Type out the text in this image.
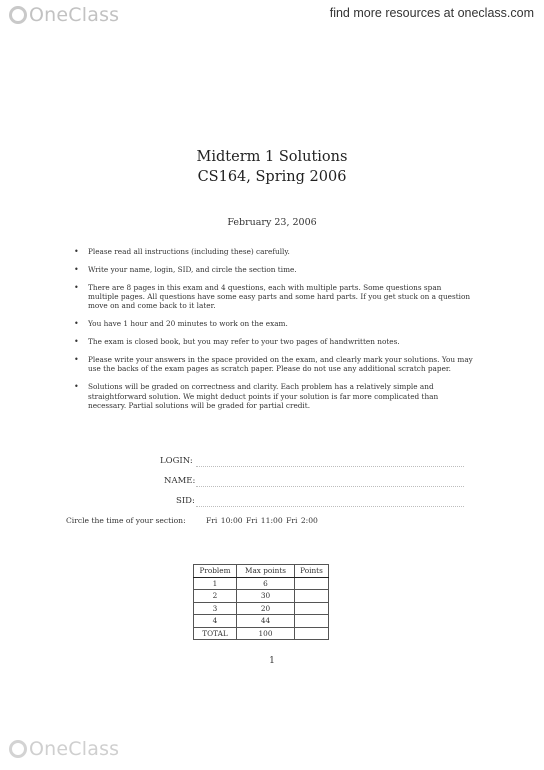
OneClass	find more resources at oneclass.com
Midterm 1 Solutions
CS164, Spring 2006
February 23, 2006
• Please read all instructions (including these) carefully.
• Write your name, login, SID, and circle the section time.
• There are 8 pages in this exam and 4 questions, each with multiple parts. Some questions span multiple pages. All questions have some easy parts and some hard parts. If you get stuck on a question move on and come back to it later.
• You have 1 hour and 20 minutes to work on the exam.
• The exam is closed book, but you may refer to your two pages of handwritten notes.
• Please write your answers in the space provided on the exam, and clearly mark your solutions. You may use the backs of the exam pages as scratch paper. Please do not use any additional scratch paper.
• Solutions will be graded on correctness and clarity. Each problem has a relatively simple and straightforward solution. We might deduct points if your solution is far more complicated than necessary. Partial solutions will be graded for partial credit.
LOGIN:
NAME:
SID:
Circle the time of your section:	Fri 10:00 Fri 11:00 Fri 2:00
Problem	Max points	Points
1	6	
2	30	
3	20	
4	44	
TOTAL	100	
1
OneClass
